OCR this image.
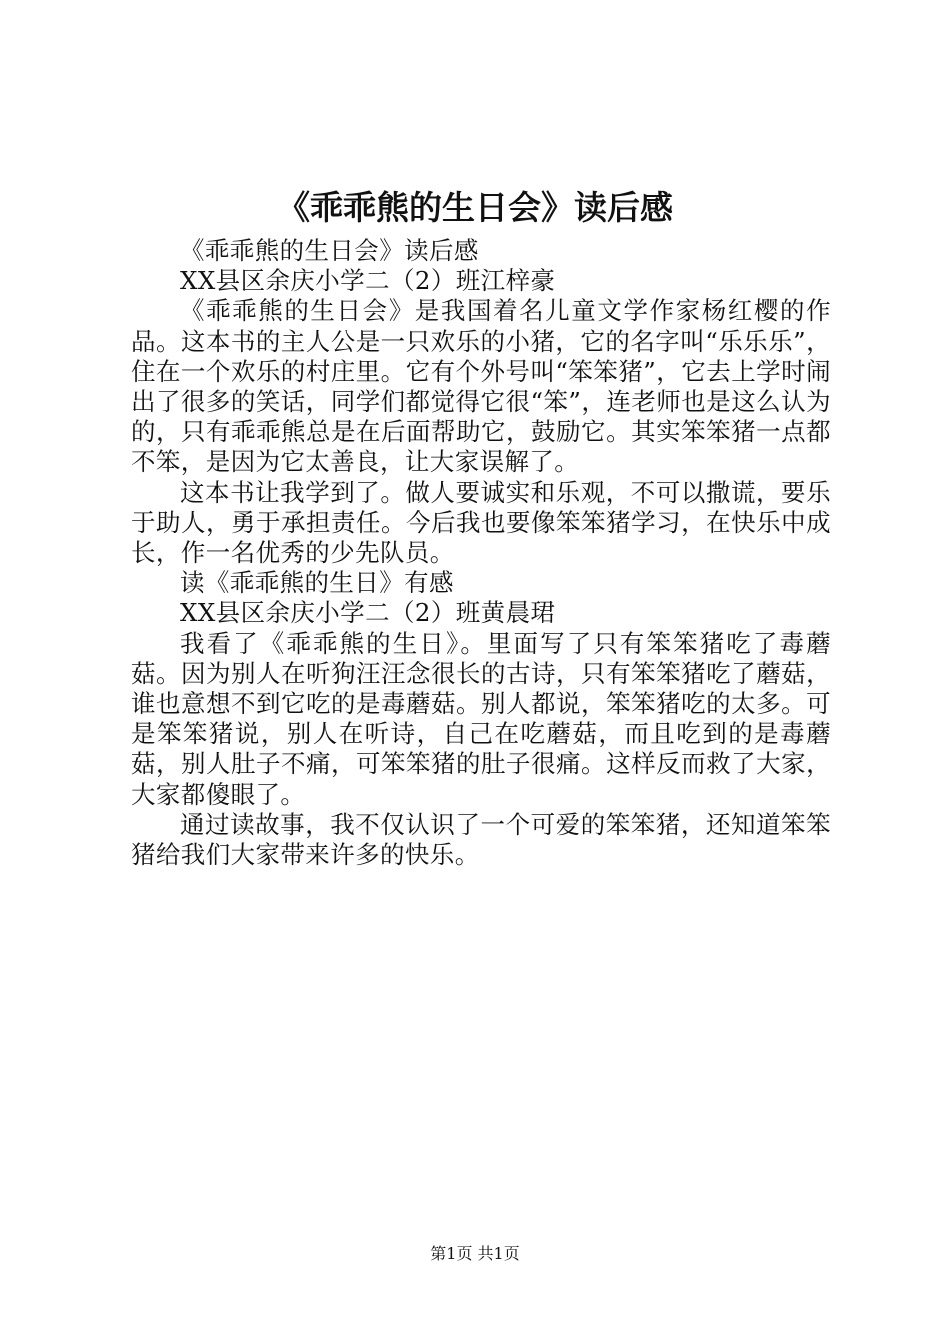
《乖乖熊的生日会》读后感

《乖乖熊的生日会》读后感

XX县区余庆小学二（2）班江梓豪

《乖乖熊的生日会》是我国着名儿童文学作家杨红樱的作品。这本书的主人公是一只欢乐的小猪，它的名字叫“乐乐乐”，住在一个欢乐的村庄里。它有个外号叫“笨笨猪”，它去上学时闹出了很多的笑话，同学们都觉得它很“笨”，连老师也是这么认为的，只有乖乖熊总是在后面帮助它，鼓励它。其实笨笨猪一点都不笨，是因为它太善良，让大家误解了。

这本书让我学到了。做人要诚实和乐观，不可以撒谎，要乐于助人，勇于承担责任。今后我也要像笨笨猪学习，在快乐中成长，作一名优秀的少先队员。

读《乖乖熊的生日》有感

XX县区余庆小学二（2）班黄晨珺

我看了《乖乖熊的生日》。里面写了只有笨笨猪吃了毒蘑菇。因为别人在听狗汪汪念很长的古诗，只有笨笨猪吃了蘑菇，谁也意想不到它吃的是毒蘑菇。别人都说，笨笨猪吃的太多。可是笨笨猪说，别人在听诗，自己在吃蘑菇，而且吃到的是毒蘑菇，别人肚子不痛，可笨笨猪的肚子很痛。这样反而救了大家，大家都傻眼了。

通过读故事，我不仅认识了一个可爱的笨笨猪，还知道笨笨猪给我们大家带来许多的快乐。

第1页 共1页
